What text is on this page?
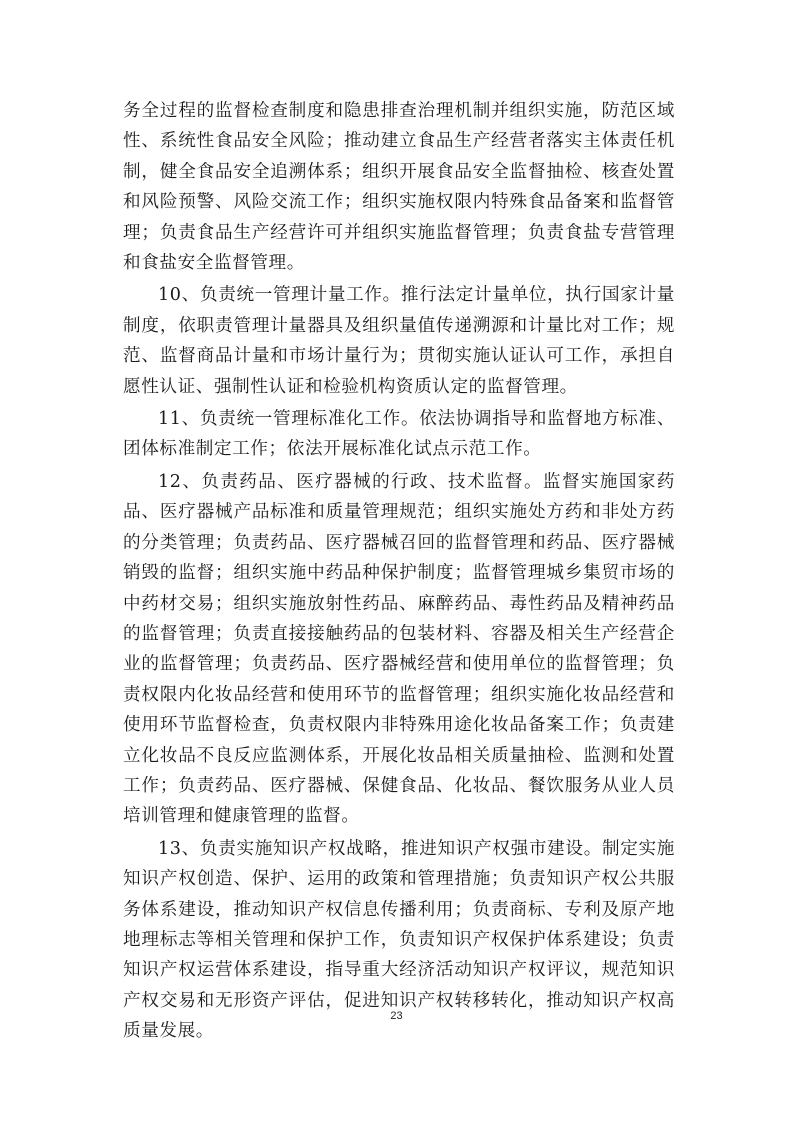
务全过程的监督检查制度和隐患排查治理机制并组织实施，防范区域性、系统性食品安全风险；推动建立食品生产经营者落实主体责任机制，健全食品安全追溯体系；组织开展食品安全监督抽检、核查处置和风险预警、风险交流工作；组织实施权限内特殊食品备案和监督管理；负责食品生产经营许可并组织实施监督管理；负责食盐专营管理和食盐安全监督管理。

10、负责统一管理计量工作。推行法定计量单位，执行国家计量制度，依职责管理计量器具及组织量值传递溯源和计量比对工作；规范、监督商品计量和市场计量行为；贯彻实施认证认可工作，承担自愿性认证、强制性认证和检验机构资质认定的监督管理。

11、负责统一管理标准化工作。依法协调指导和监督地方标准、团体标准制定工作；依法开展标准化试点示范工作。

12、负责药品、医疗器械的行政、技术监督。监督实施国家药品、医疗器械产品标准和质量管理规范；组织实施处方药和非处方药的分类管理；负责药品、医疗器械召回的监督管理和药品、医疗器械销毁的监督；组织实施中药品种保护制度；监督管理城乡集贸市场的中药材交易；组织实施放射性药品、麻醉药品、毒性药品及精神药品的监督管理；负责直接接触药品的包装材料、容器及相关生产经营企业的监督管理；负责药品、医疗器械经营和使用单位的监督管理；负责权限内化妆品经营和使用环节的监督管理；组织实施化妆品经营和使用环节监督检查，负责权限内非特殊用途化妆品备案工作；负责建立化妆品不良反应监测体系，开展化妆品相关质量抽检、监测和处置工作；负责药品、医疗器械、保健食品、化妆品、餐饮服务从业人员培训管理和健康管理的监督。

13、负责实施知识产权战略，推进知识产权强市建设。制定实施知识产权创造、保护、运用的政策和管理措施；负责知识产权公共服务体系建设，推动知识产权信息传播利用；负责商标、专利及原产地地理标志等相关管理和保护工作，负责知识产权保护体系建设；负责知识产权运营体系建设，指导重大经济活动知识产权评议，规范知识产权交易和无形资产评估，促进知识产权转移转化，推动知识产权高质量发展。

23
